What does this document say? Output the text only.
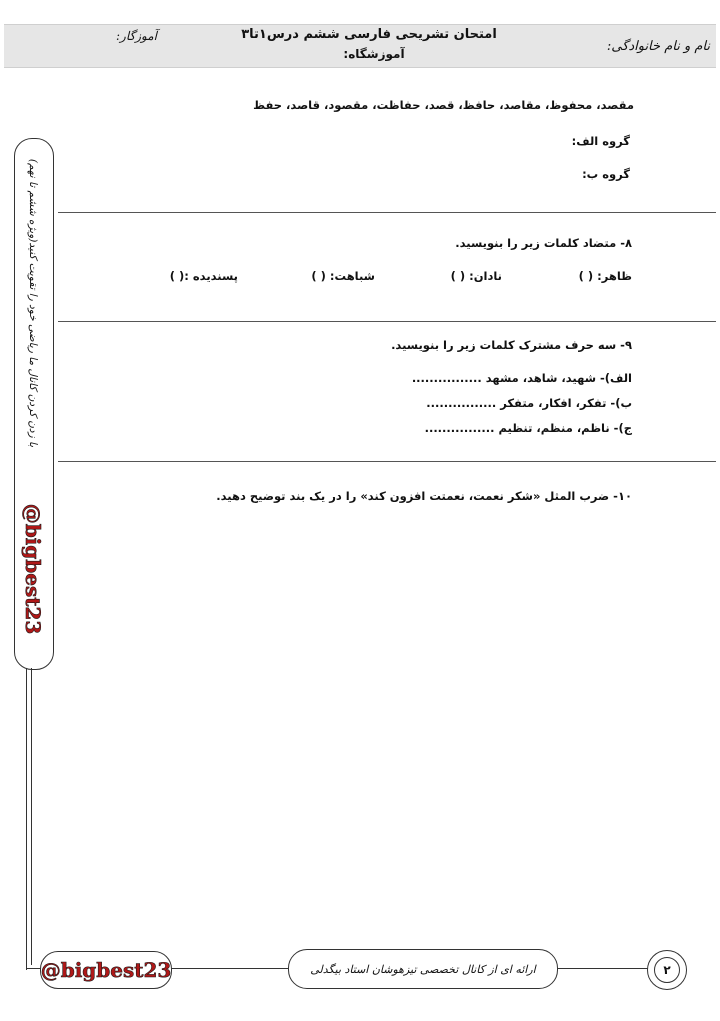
نام و نام خانوادگی:
امتحان تشریحی فارسی ششم درس۱تا۳
آموزشگاه:
آموزگار:
مقصد، محفوظ، مقاصد، حافظ، قصد، حفاظت، مقصود، قاصد، حفظ
گروه الف:
گروه ب:
۸- متضاد کلمات زیر را بنویسید.
ظاهر: ( )
نادان: ( )
شباهت: ( )
پسندیده :( )
۹- سه حرف مشترک کلمات زیر را بنویسید.
الف)- شهید، شاهد، مشهد ................
ب)- تفکر، افکار، متفکر ................
ج)- ناظم، منظم، تنظیم ................
۱۰- ضرب المثل «شکر نعمت، نعمتت افزون کند» را در یک بند توضیح دهید.
با زدن کردن کانال ما ریاضی خود را تقویت کنید(ویژه ششم تا نهم)
@bigbest23
@bigbest23	ارائه ای از کانال تخصصی تیزهوشان استاد بیگدلی	۲
